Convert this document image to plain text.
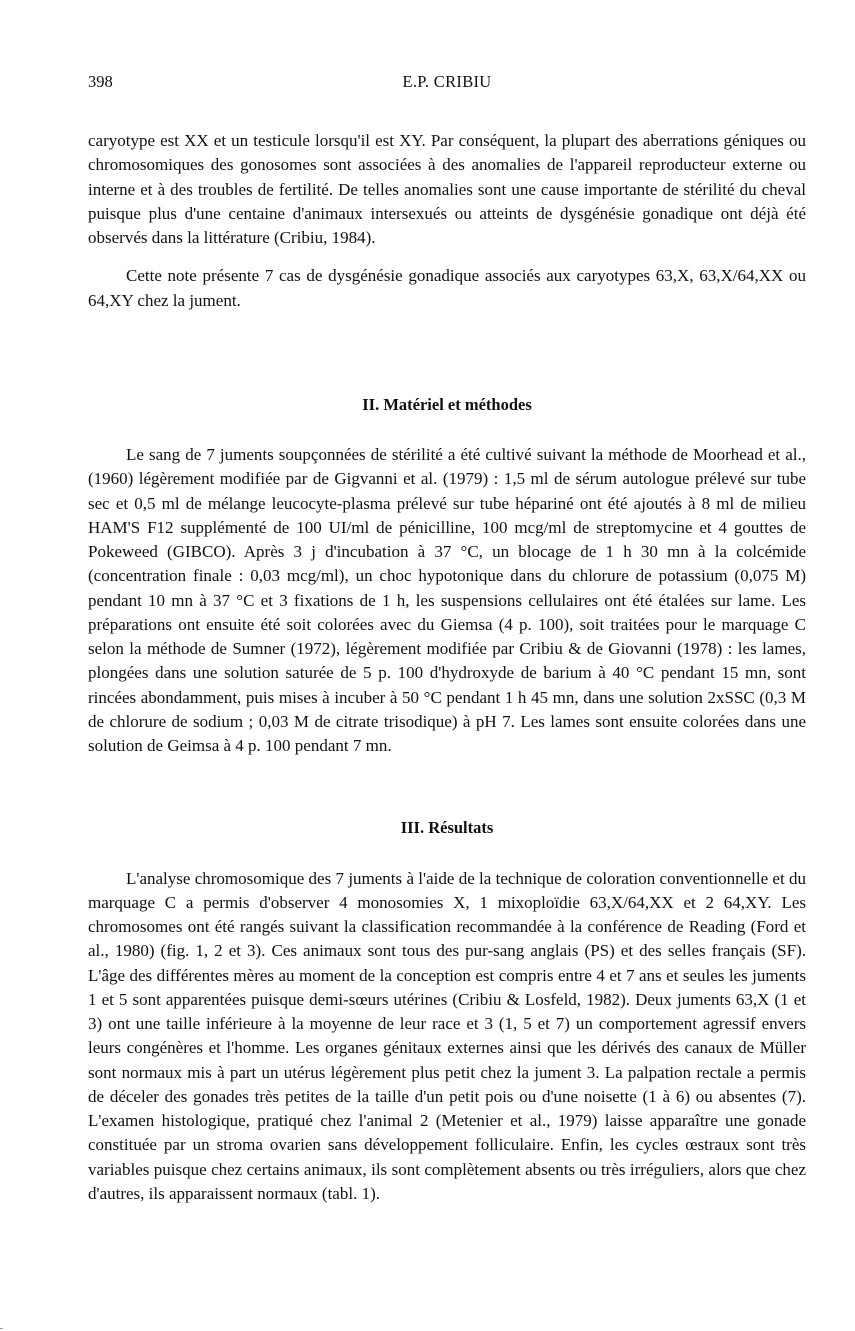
398	E.P. CRIBIU

caryotype est XX et un testicule lorsqu'il est XY. Par conséquent, la plupart des aberrations géniques ou chromosomiques des gonosomes sont associées à des anomalies de l'appareil reproducteur externe ou interne et à des troubles de fertilité. De telles anomalies sont une cause importante de stérilité du cheval puisque plus d'une centaine d'animaux intersexués ou atteints de dysgénésie gonadique ont déjà été observés dans la littérature (Cribiu, 1984).

Cette note présente 7 cas de dysgénésie gonadique associés aux caryotypes 63,X, 63,X/64,XX ou 64,XY chez la jument.

II. Matériel et méthodes

Le sang de 7 juments soupçonnées de stérilité a été cultivé suivant la méthode de Moorhead et al., (1960) légèrement modifiée par de Gigvanni et al. (1979) : 1,5 ml de sérum autologue prélevé sur tube sec et 0,5 ml de mélange leucocyte-plasma prélevé sur tube hépariné ont été ajoutés à 8 ml de milieu HAM'S F12 supplémenté de 100 UI/ml de pénicilline, 100 mcg/ml de streptomycine et 4 gouttes de Pokeweed (GIBCO). Après 3 j d'incubation à 37 °C, un blocage de 1 h 30 mn à la colcémide (concentration finale : 0,03 mcg/ml), un choc hypotonique dans du chlorure de potassium (0,075 M) pendant 10 mn à 37 °C et 3 fixations de 1 h, les suspensions cellulaires ont été étalées sur lame. Les préparations ont ensuite été soit colorées avec du Giemsa (4 p. 100), soit traitées pour le marquage C selon la méthode de Sumner (1972), légèrement modifiée par Cribiu & de Giovanni (1978) : les lames, plongées dans une solution saturée de 5 p. 100 d'hydroxyde de barium à 40 °C pendant 15 mn, sont rincées abondamment, puis mises à incuber à 50 °C pendant 1 h 45 mn, dans une solution 2xSSC (0,3 M de chlorure de sodium ; 0,03 M de citrate trisodique) à pH 7. Les lames sont ensuite colorées dans une solution de Geimsa à 4 p. 100 pendant 7 mn.

III. Résultats

L'analyse chromosomique des 7 juments à l'aide de la technique de coloration conventionnelle et du marquage C a permis d'observer 4 monosomies X, 1 mixoploïdie 63,X/64,XX et 2 64,XY. Les chromosomes ont été rangés suivant la classification recommandée à la conférence de Reading (Ford et al., 1980) (fig. 1, 2 et 3). Ces animaux sont tous des pur-sang anglais (PS) et des selles français (SF). L'âge des différentes mères au moment de la conception est compris entre 4 et 7 ans et seules les juments 1 et 5 sont apparentées puisque demi-sœurs utérines (Cribiu & Losfeld, 1982). Deux juments 63,X (1 et 3) ont une taille inférieure à la moyenne de leur race et 3 (1, 5 et 7) un comportement agressif envers leurs congénères et l'homme. Les organes génitaux externes ainsi que les dérivés des canaux de Müller sont normaux mis à part un utérus légèrement plus petit chez la jument 3. La palpation rectale a permis de déceler des gonades très petites de la taille d'un petit pois ou d'une noisette (1 à 6) ou absentes (7). L'examen histologique, pratiqué chez l'animal 2 (Metenier et al., 1979) laisse apparaître une gonade constituée par un stroma ovarien sans développement folliculaire. Enfin, les cycles œstraux sont très variables puisque chez certains animaux, ils sont complètement absents ou très irréguliers, alors que chez d'autres, ils apparaissent normaux (tabl. 1).
